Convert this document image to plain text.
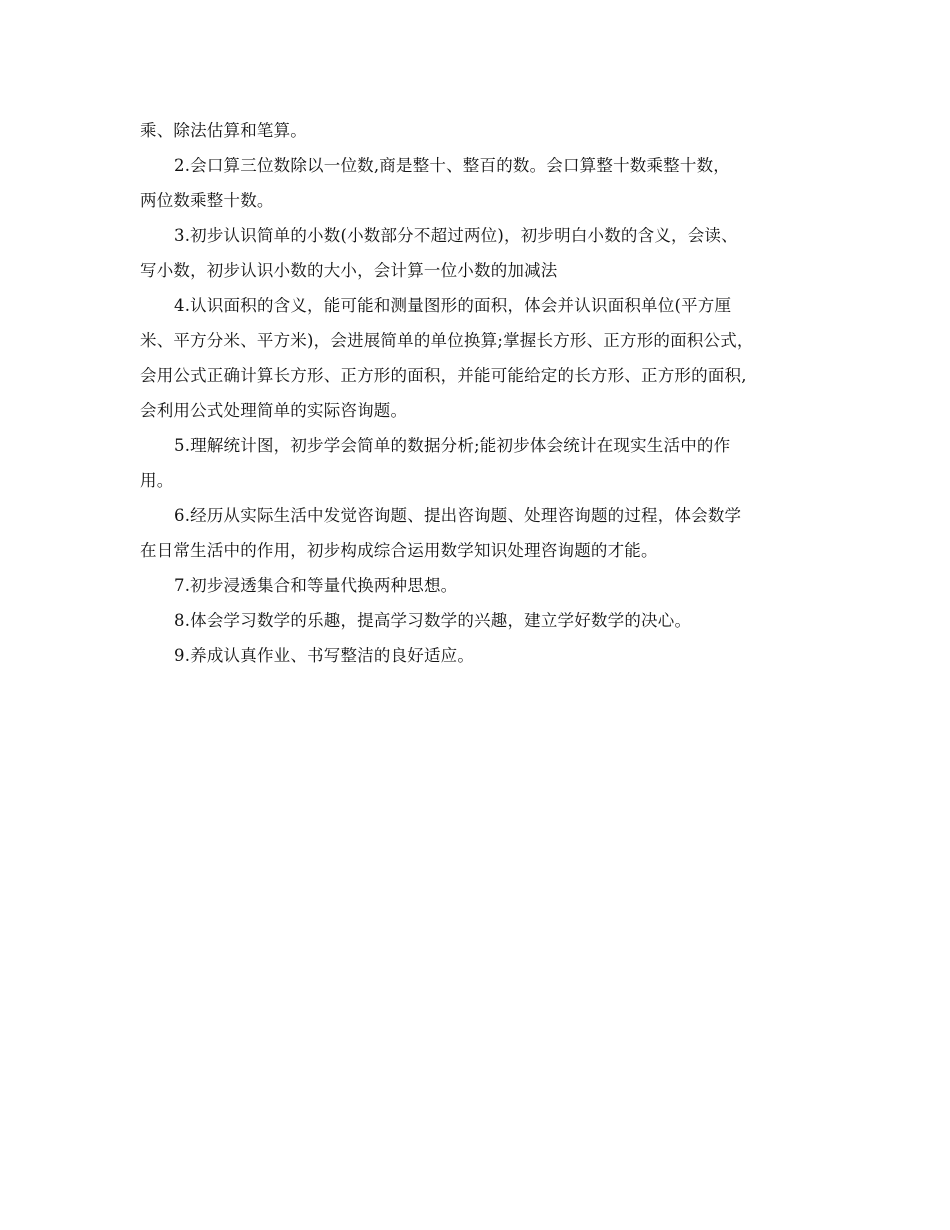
乘、除法估算和笔算。
2.会口算三位数除以一位数,商是整十、整百的数。会口算整十数乘整十数，
两位数乘整十数。
3.初步认识简单的小数(小数部分不超过两位)，初步明白小数的含义，会读、
写小数，初步认识小数的大小，会计算一位小数的加减法
4.认识面积的含义，能可能和测量图形的面积，体会并认识面积单位(平方厘
米、平方分米、平方米)，会进展简单的单位换算;掌握长方形、正方形的面积公式，
会用公式正确计算长方形、正方形的面积，并能可能给定的长方形、正方形的面积,
会利用公式处理简单的实际咨询题。
5.理解统计图，初步学会简单的数据分析;能初步体会统计在现实生活中的作
用。
6.经历从实际生活中发觉咨询题、提出咨询题、处理咨询题的过程，体会数学
在日常生活中的作用，初步构成综合运用数学知识处理咨询题的才能。
7.初步浸透集合和等量代换两种思想。
8.体会学习数学的乐趣，提高学习数学的兴趣，建立学好数学的决心。
9.养成认真作业、书写整洁的良好适应。
